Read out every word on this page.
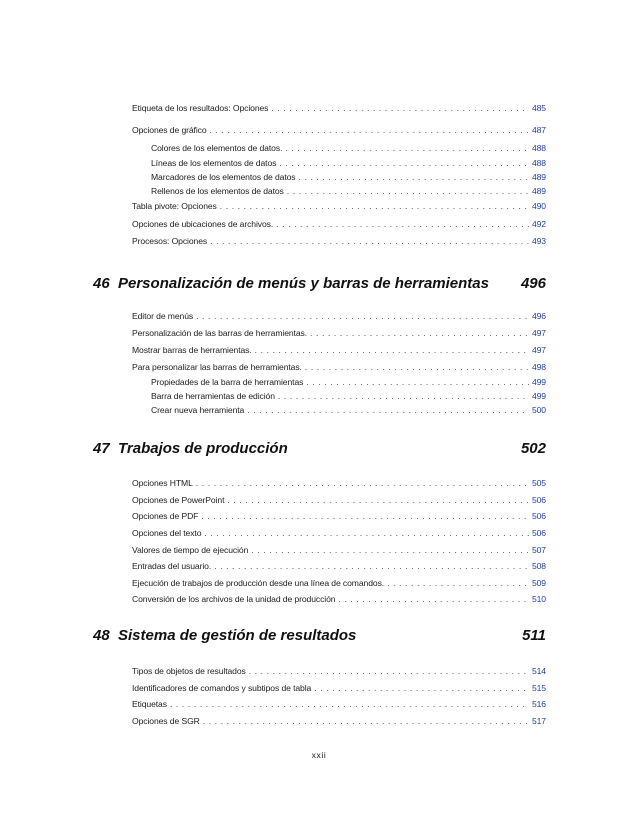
Etiqueta de los resultados: Opciones . . .	485
Opciones de gráfico . . .	487
Colores de los elementos de datos. . . .	488
Líneas de los elementos de datos . . .	488
Marcadores de los elementos de datos . . .	489
Rellenos de los elementos de datos . . .	489
Tabla pivote: Opciones . . .	490
Opciones de ubicaciones de archivos. . . .	492
Procesos: Opciones . . .	493
46 Personalización de menús y barras de herramientas	496
Editor de menús . . .	496
Personalización de las barras de herramientas. . . .	497
Mostrar barras de herramientas. . . .	497
Para personalizar las barras de herramientas. . . .	498
Propiedades de la barra de herramientas . . .	499
Barra de herramientas de edición . . .	499
Crear nueva herramienta . . .	500
47 Trabajos de producción	502
Opciones HTML . . .	505
Opciones de PowerPoint . . .	506
Opciones de PDF . . .	506
Opciones del texto . . .	506
Valores de tiempo de ejecución . . .	507
Entradas del usuario. . . .	508
Ejecución de trabajos de producción desde una línea de comandos. . . .	509
Conversión de los archivos de la unidad de producción . . .	510
48 Sistema de gestión de resultados	511
Tipos de objetos de resultados . . .	514
Identificadores de comandos y subtipos de tabla . . .	515
Etiquetas . . .	516
Opciones de SGR . . .	517
xxii
